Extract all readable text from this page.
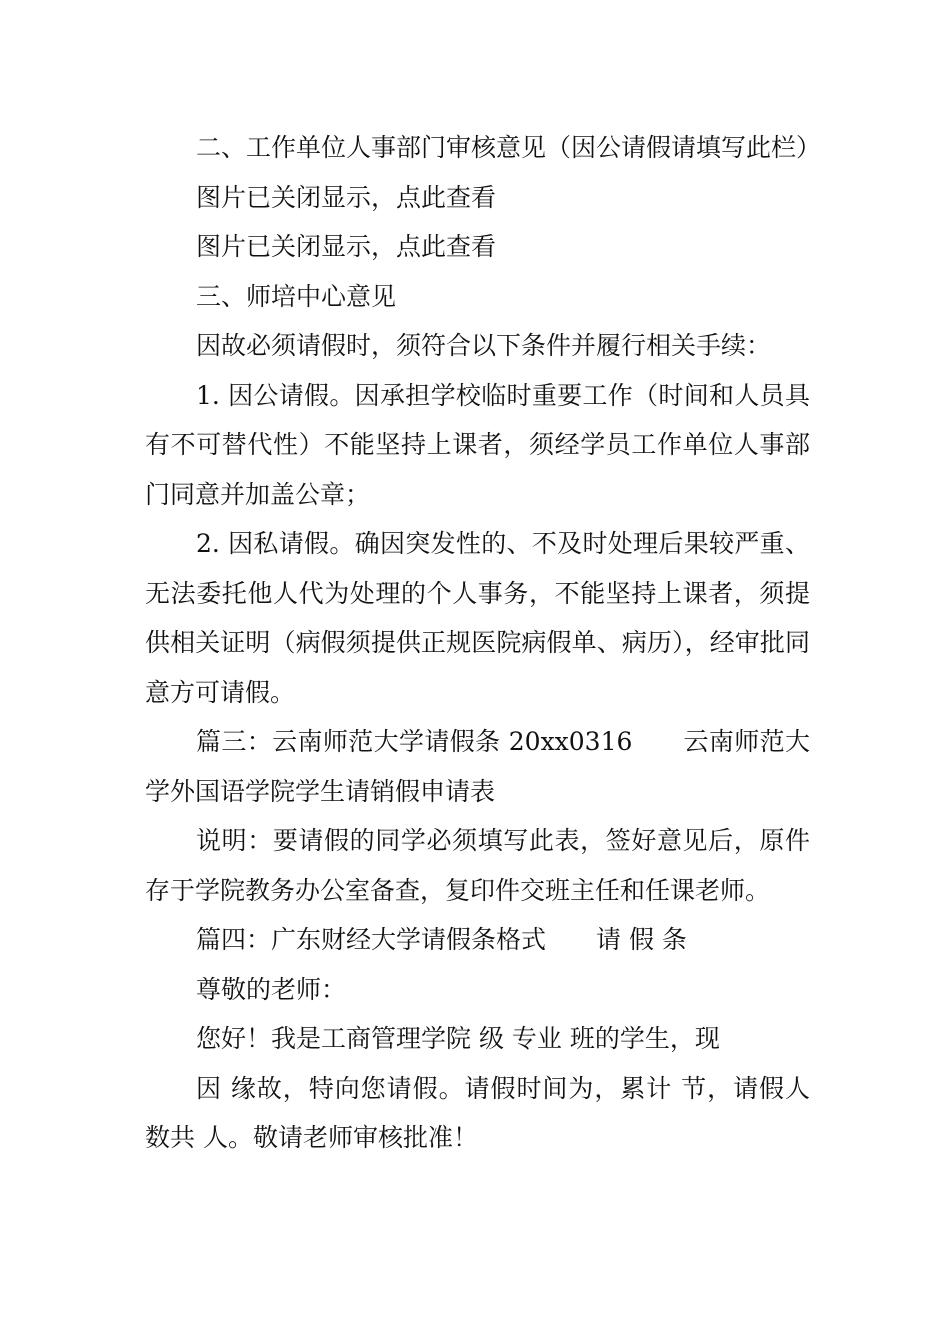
二、工作单位人事部门审核意见（因公请假请填写此栏）

图片已关闭显示，点此查看

图片已关闭显示，点此查看

三、师培中心意见

因故必须请假时，须符合以下条件并履行相关手续：

1. 因公请假。因承担学校临时重要工作（时间和人员具有不可替代性）不能坚持上课者，须经学员工作单位人事部门同意并加盖公章；

2. 因私请假。确因突发性的、不及时处理后果较严重、无法委托他人代为处理的个人事务，不能坚持上课者，须提供相关证明（病假须提供正规医院病假单、病历），经审批同意方可请假。

篇三：云南师范大学请假条 20xx0316　　云南师范大学外国语学院学生请销假申请表

说明：要请假的同学必须填写此表，签好意见后，原件存于学院教务办公室备查，复印件交班主任和任课老师。

篇四：广东财经大学请假条格式　　请 假 条

尊敬的老师：

您好！我是工商管理学院 级 专业 班的学生，现

因 缘故，特向您请假。请假时间为，累计 节，请假人数共 人。敬请老师审核批准！
